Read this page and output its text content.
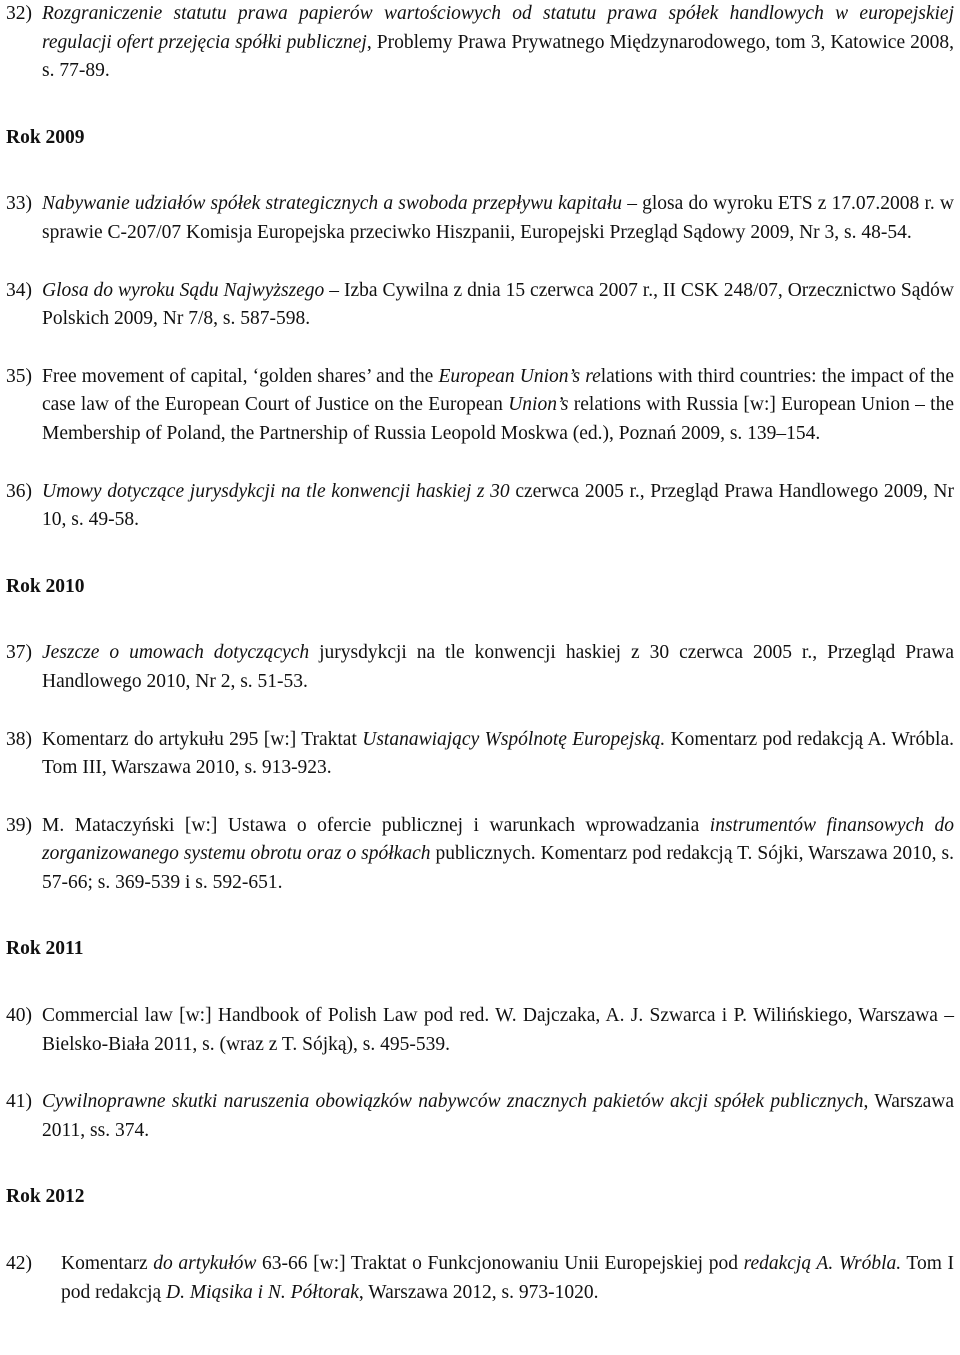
32) Rozgraniczenie statutu prawa papierów wartościowych od statutu prawa spółek handlowych w europejskiej regulacji ofert przejęcia spółki publicznej, Problemy Prawa Prywatnego Międzynarodowego, tom 3, Katowice 2008, s. 77-89.
Rok 2009
33) Nabywanie udziałów spółek strategicznych a swoboda przepływu kapitału – glosa do wyroku ETS z 17.07.2008 r. w sprawie C-207/07 Komisja Europejska przeciwko Hiszpanii, Europejski Przegląd Sądowy 2009, Nr 3, s. 48-54.
34) Glosa do wyroku Sądu Najwyższego – Izba Cywilna z dnia 15 czerwca 2007 r., II CSK 248/07, Orzecznictwo Sądów Polskich 2009, Nr 7/8, s. 587-598.
35) Free movement of capital, ‘golden shares’ and the European Union’s relations with third countries: the impact of the case law of the European Court of Justice on the European Union’s relations with Russia [w:] European Union – the Membership of Poland, the Partnership of Russia Leopold Moskwa (ed.), Poznań 2009, s. 139–154.
36) Umowy dotyczące jurysdykcji na tle konwencji haskiej z 30 czerwca 2005 r., Przegląd Prawa Handlowego 2009, Nr 10, s. 49-58.
Rok 2010
37) Jeszcze o umowach dotyczących jurysdykcji na tle konwencji haskiej z 30 czerwca 2005 r., Przegląd Prawa Handlowego 2010, Nr 2, s. 51-53.
38) Komentarz do artykułu 295 [w:] Traktat Ustanawiający Wspólnotę Europejską. Komentarz pod redakcją A. Wróbla. Tom III, Warszawa 2010, s. 913-923.
39) M. Mataczyński [w:] Ustawa o ofercie publicznej i warunkach wprowadzania instrumentów finansowych do zorganizowanego systemu obrotu oraz o spółkach publicznych. Komentarz pod redakcją T. Sójki, Warszawa 2010, s. 57-66; s. 369-539 i s. 592-651.
Rok 2011
40) Commercial law [w:] Handbook of Polish Law pod red. W. Dajczaka, A. J. Szwarca i P. Wilińskiego, Warszawa – Bielsko-Biała 2011, s. (wraz z T. Sójką), s. 495-539.
41) Cywilnoprawne skutki naruszenia obowiązków nabywców znacznych pakietów akcji spółek publicznych, Warszawa 2011, ss. 374.
Rok 2012
42) Komentarz do artykułów 63-66 [w:] Traktat o Funkcjonowaniu Unii Europejskiej pod redakcją A. Wróbla. Tom I pod redakcją D. Miąsika i N. Półtorak, Warszawa 2012, s. 973-1020.
